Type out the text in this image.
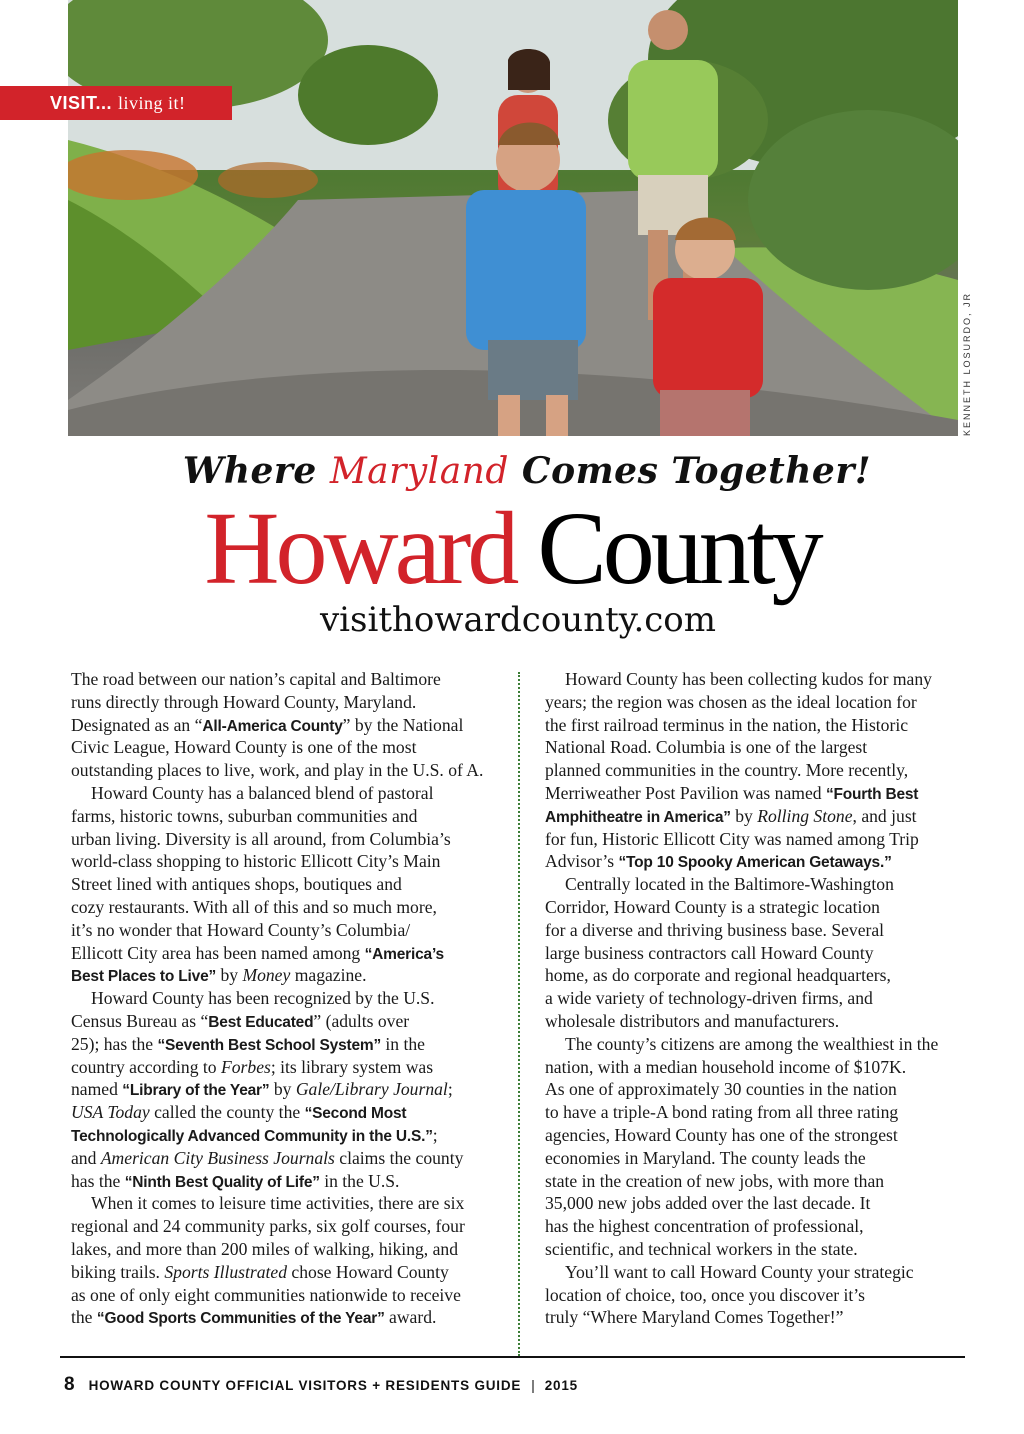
KENNETH LOSURDO, JR
VISIT... living it!
Where Maryland Comes Together!
Howard County
visithowardcounty.com
The road between our nation’s capital and Baltimore
runs directly through Howard County, Maryland.
Designated as an “All-America County” by the National
Civic League, Howard County is one of the most
outstanding places to live, work, and play in the U.S. of A.
Howard County has a balanced blend of pastoral
farms, historic towns, suburban communities and
urban living. Diversity is all around, from Columbia’s
world-class shopping to historic Ellicott City’s Main
Street lined with antiques shops, boutiques and
cozy restaurants. With all of this and so much more,
it’s no wonder that Howard County’s Columbia/
Ellicott City area has been named among “America’s
Best Places to Live” by Money magazine.
Howard County has been recognized by the U.S.
Census Bureau as “Best Educated” (adults over
25); has the “Seventh Best School System” in the
country according to Forbes; its library system was
named “Library of the Year” by Gale/Library Journal;
USA Today called the county the “Second Most
Technologically Advanced Community in the U.S.”;
and American City Business Journals claims the county
has the “Ninth Best Quality of Life” in the U.S.
When it comes to leisure time activities, there are six
regional and 24 community parks, six golf courses, four
lakes, and more than 200 miles of walking, hiking, and
biking trails. Sports Illustrated chose Howard County
as one of only eight communities nationwide to receive
the “Good Sports Communities of the Year” award.
Howard County has been collecting kudos for many
years; the region was chosen as the ideal location for
the first railroad terminus in the nation, the Historic
National Road. Columbia is one of the largest
planned communities in the country. More recently,
Merriweather Post Pavilion was named “Fourth Best
Amphitheatre in America” by Rolling Stone, and just
for fun, Historic Ellicott City was named among Trip
Advisor’s “Top 10 Spooky American Getaways.”
Centrally located in the Baltimore-Washington
Corridor, Howard County is a strategic location
for a diverse and thriving business base. Several
large business contractors call Howard County
home, as do corporate and regional headquarters,
a wide variety of technology-driven firms, and
wholesale distributors and manufacturers.
The county’s citizens are among the wealthiest in the
nation, with a median household income of $107K.
As one of approximately 30 counties in the nation
to have a triple-A bond rating from all three rating
agencies, Howard County has one of the strongest
economies in Maryland. The county leads the
state in the creation of new jobs, with more than
35,000 new jobs added over the last decade. It
has the highest concentration of professional,
scientific, and technical workers in the state.
You’ll want to call Howard County your strategic
location of choice, too, once you discover it’s
truly “Where Maryland Comes Together!”
8 HOWARD COUNTY OFFICIAL VISITORS + RESIDENTS GUIDE | 2015
